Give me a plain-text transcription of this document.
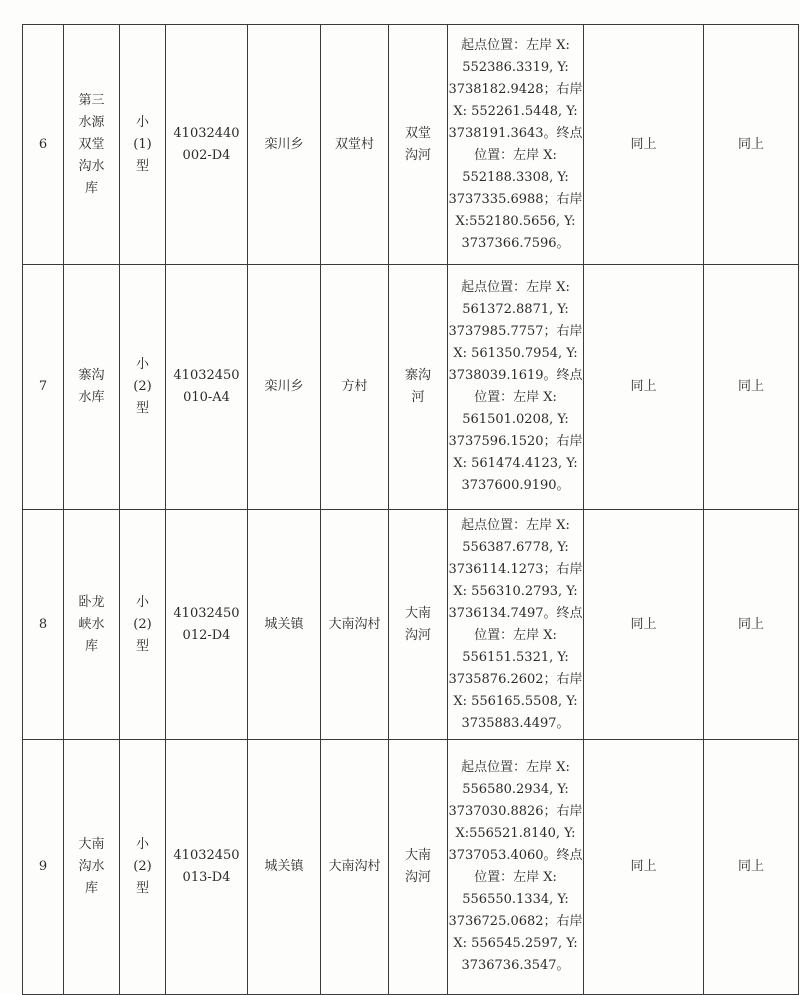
6	第三水源双堂沟水库	小(1)型	41032440002-D4	栾川乡	双堂村	双堂沟河	起点位置：左岸 X: 552386.3319, Y: 3738182.9428；右岸 X: 552261.5448, Y: 3738191.3643。终点位置：左岸 X: 552188.3308, Y: 3737335.6988；右岸 X:552180.5656, Y: 3737366.7596。	同上	同上
7	寨沟水库	小(2)型	41032450010-A4	栾川乡	方村	寨沟河	起点位置：左岸 X: 561372.8871, Y: 3737985.7757；右岸 X: 561350.7954, Y: 3738039.1619。终点位置：左岸 X: 561501.0208, Y: 3737596.1520；右岸 X: 561474.4123, Y: 3737600.9190。	同上	同上
8	卧龙峡水库	小(2)型	41032450012-D4	城关镇	大南沟村	大南沟河	起点位置：左岸 X: 556387.6778, Y: 3736114.1273；右岸 X: 556310.2793, Y: 3736134.7497。终点位置：左岸 X: 556151.5321, Y: 3735876.2602；右岸 X: 556165.5508, Y: 3735883.4497。	同上	同上
9	大南沟水库	小(2)型	41032450013-D4	城关镇	大南沟村	大南沟河	起点位置：左岸 X: 556580.2934, Y: 3737030.8826；右岸 X:556521.8140, Y: 3737053.4060。终点位置：左岸 X: 556550.1334, Y: 3736725.0682；右岸 X: 556545.2597, Y: 3736736.3547。	同上	同上
